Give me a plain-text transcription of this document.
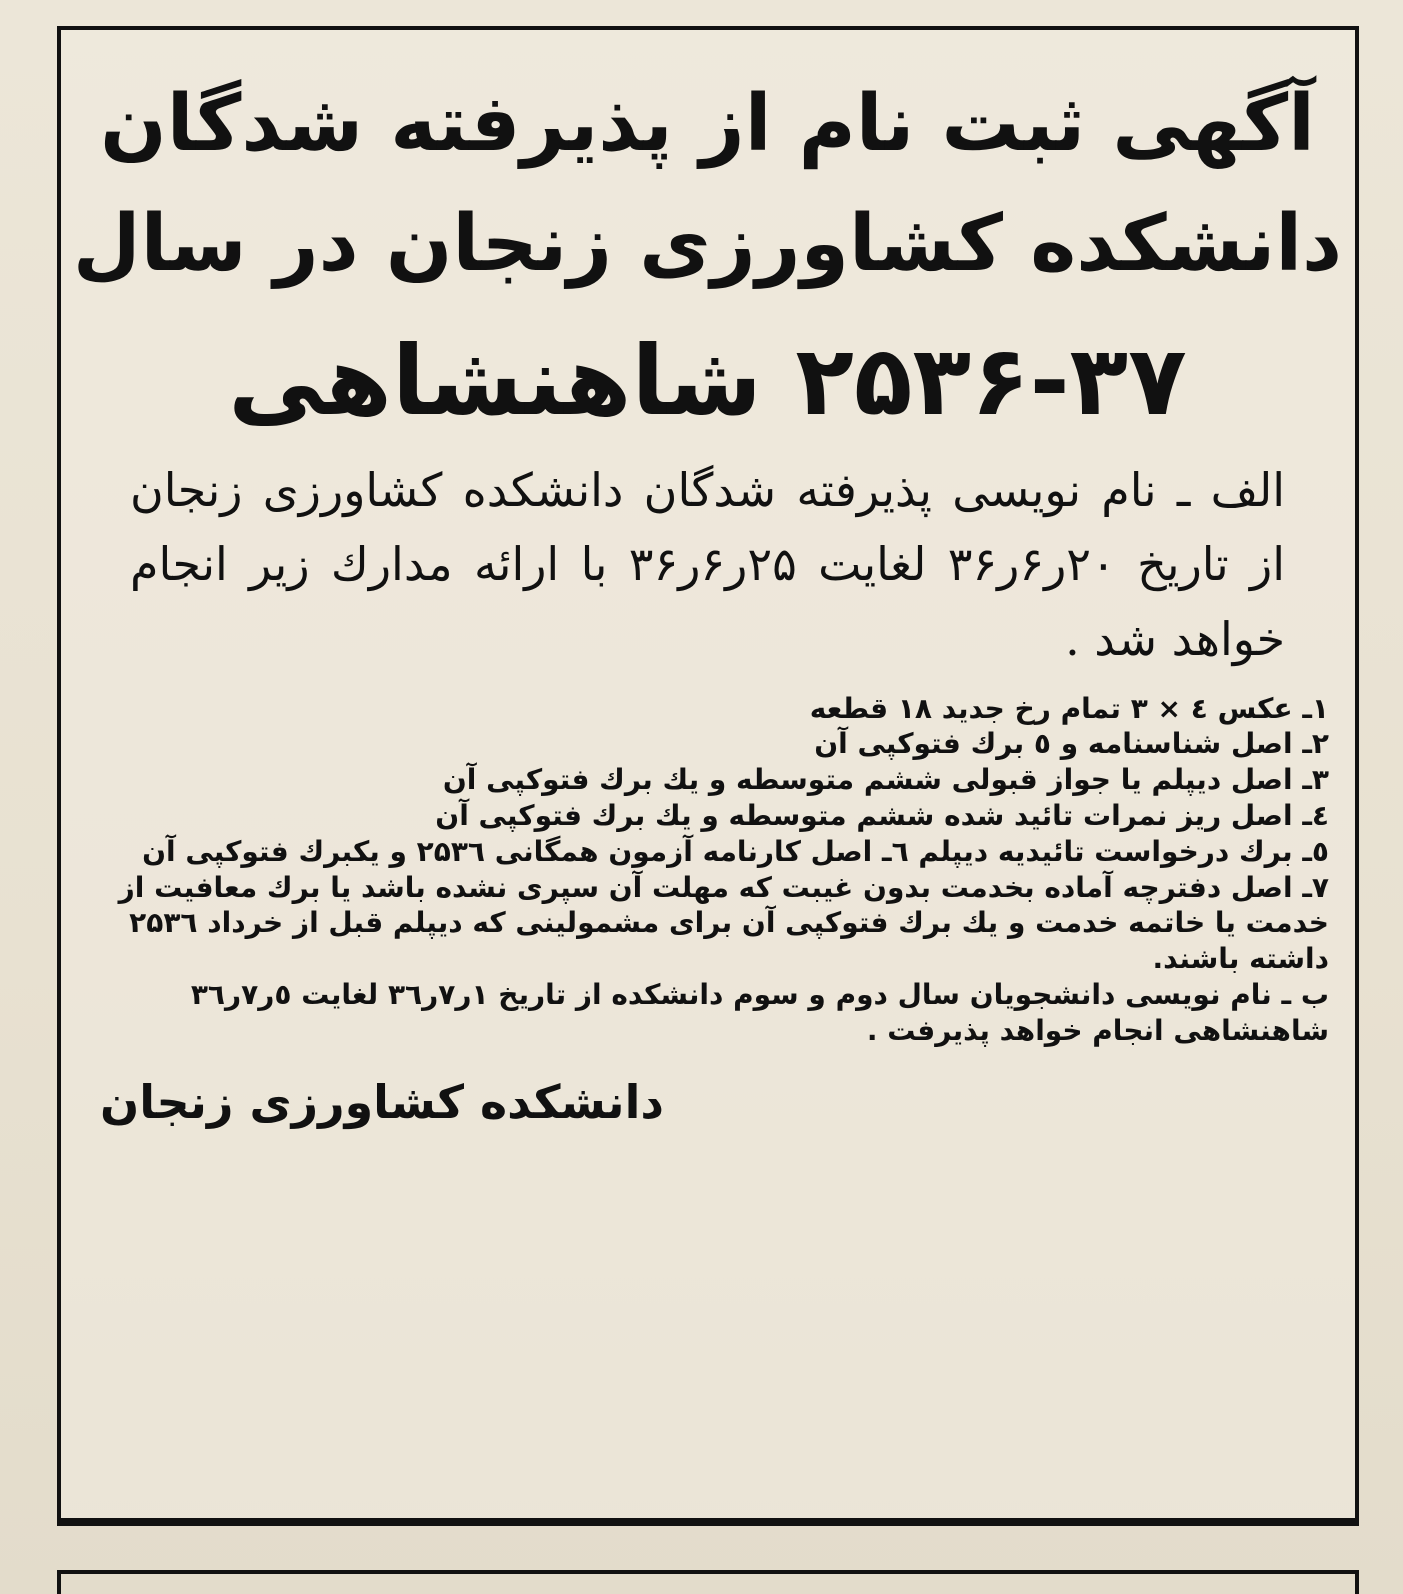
آگهی ثبت نام از پذیرفته شدگان
دانشکده کشاورزی زنجان در سال
۲۵۳۶-۳۷ شاهنشاهی
الف ـ نام نویسی پذیرفته شدگان دانشکده کشاورزی زنجان از تاریخ ۲۰ر۶ر۳۶ لغایت ۲۵ر۶ر۳۶ با ارائه مدارك زیر انجام خواهد شد .

۱ـ عکس ٤ × ۳ تمام رخ جدید ۱۸ قطعه

۲ـ اصل شناسنامه و ٥ برك فتوکپی آن

۳ـ اصل دیپلم یا جواز قبولی ششم متوسطه و یك برك فتوکپی آن

٤ـ اصل ریز نمرات تائید شده ششم متوسطه و یك برك فتوکپی آن

٥ـ برك درخواست تائیدیه دیپلم ٦ـ اصل کارنامه آزمون همگانی ۲۵۳٦ و یکبرك فتوکپی آن

۷ـ اصل دفترچه آماده بخدمت بدون غیبت که مهلت آن سپری نشده باشد یا برك معافیت از خدمت یا خاتمه خدمت و یك برك فتوکپی آن برای مشمولینی که دیپلم قبل از خرداد ۲۵۳٦ داشته باشند.

ب ـ نام نویسی دانشجویان سال دوم و سوم دانشکده از تاریخ ۱ر۷ر۳٦ لغایت ٥ر۷ر۳٦ شاهنشاهی انجام خواهد پذیرفت .

دانشکده کشاورزی زنجان
